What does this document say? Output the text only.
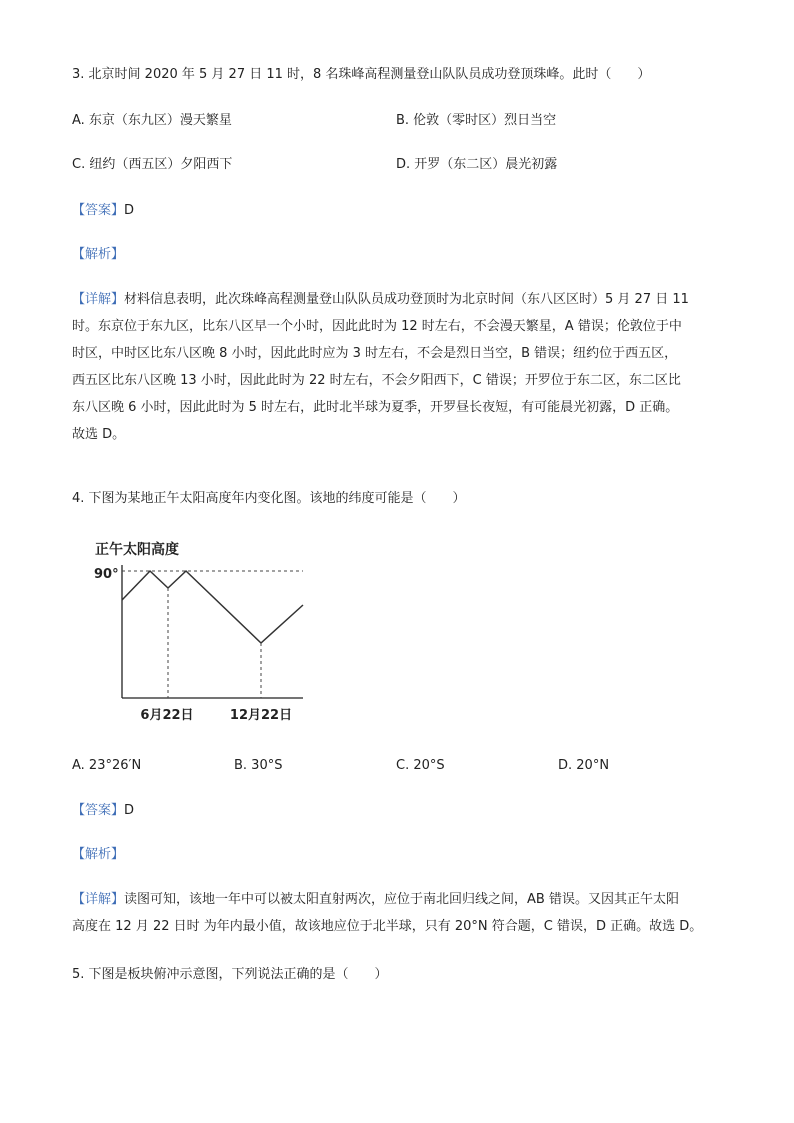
3. 北京时间 2020 年 5 月 27 日 11 时，8 名珠峰高程测量登山队队员成功登顶珠峰。此时（　　）
A. 东京（东九区）漫天繁星	B. 伦敦（零时区）烈日当空
C. 纽约（西五区）夕阳西下	D. 开罗（东二区）晨光初露
【答案】D
【解析】
【详解】材料信息表明，此次珠峰高程测量登山队队员成功登顶时为北京时间（东八区区时）5 月 27 日 11
时。东京位于东九区，比东八区早一个小时，因此此时为 12 时左右，不会漫天繁星，A 错误；伦敦位于中
时区，中时区比东八区晚 8 小时，因此此时应为 3 时左右，不会是烈日当空，B 错误；纽约位于西五区，
西五区比东八区晚 13 小时，因此此时为 22 时左右，不会夕阳西下，C 错误；开罗位于东二区，东二区比
东八区晚 6 小时，因此此时为 5 时左右，此时北半球为夏季，开罗昼长夜短，有可能晨光初露，D 正确。
故选 D。
4. 下图为某地正午太阳高度年内变化图。该地的纬度可能是（　　）
正午太阳高度
90°
6月22日	12月22日
A. 23°26′N	B. 30°S	C. 20°S	D. 20°N
【答案】D
【解析】
【详解】读图可知，该地一年中可以被太阳直射两次，应位于南北回归线之间，AB 错误。又因其正午太阳
高度在 12 月 22 日时 为年内最小值，故该地应位于北半球，只有 20°N 符合题，C 错误，D 正确。故选 D。
5. 下图是板块俯冲示意图，下列说法正确的是（　　）
